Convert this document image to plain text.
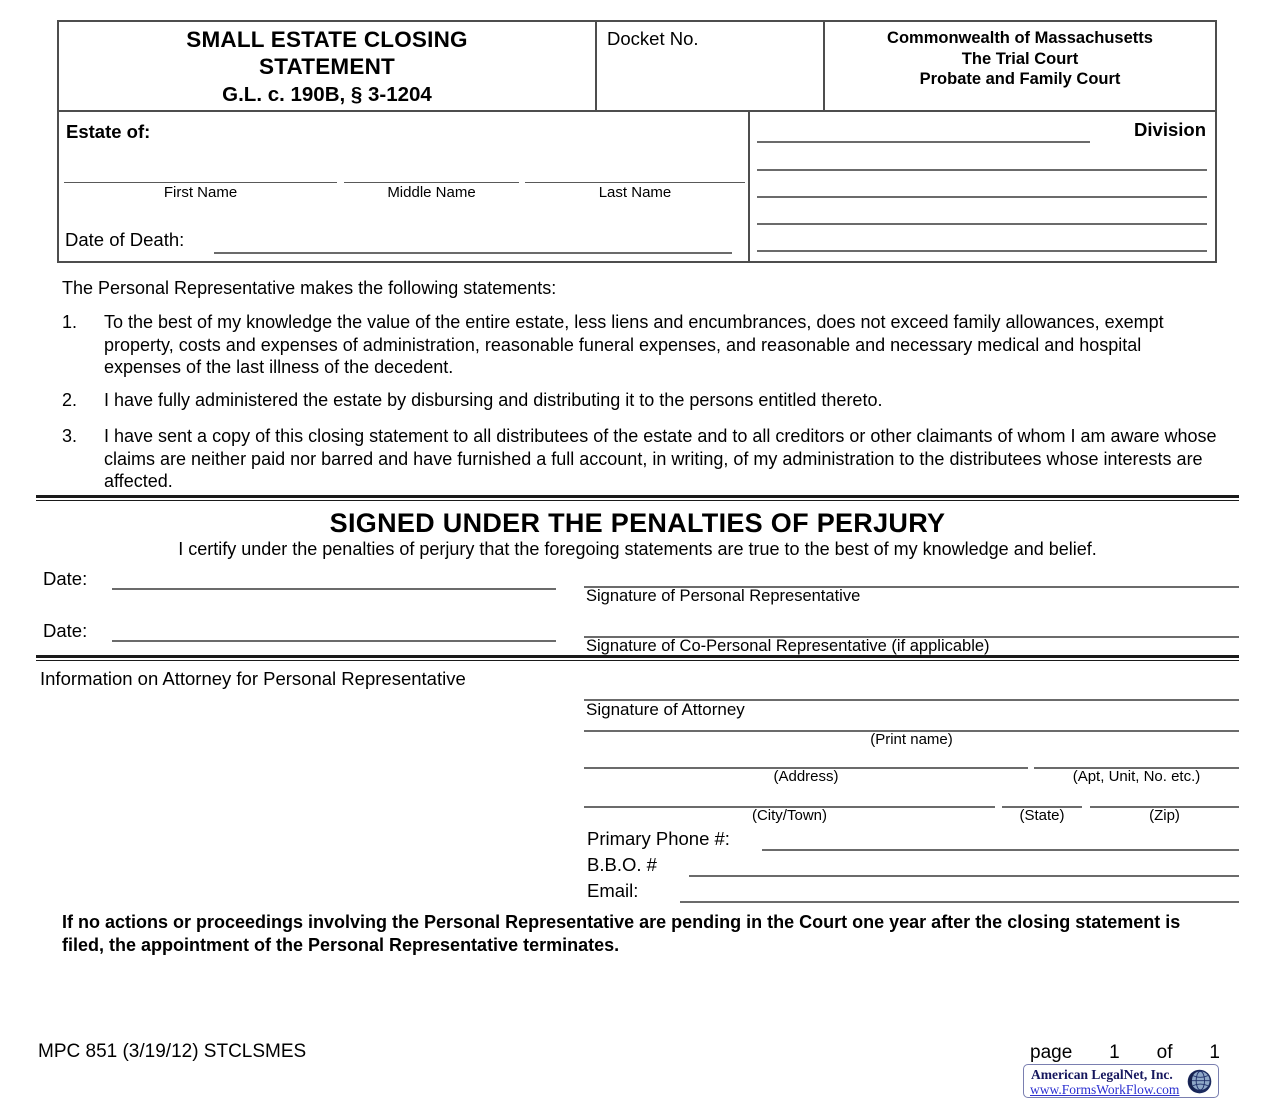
SMALL ESTATE CLOSING
STATEMENT
G.L. c. 190B, § 3-1204
Docket No.	Commonwealth of Massachusetts
The Trial Court
Probate and Family Court
Estate of:
First Name	Middle Name	Last Name
Date of Death:
Division
The Personal Representative makes the following statements:
1.	To the best of my knowledge the value of the entire estate, less liens and encumbrances, does not exceed family allowances, exempt property, costs and expenses of administration, reasonable funeral expenses, and reasonable and necessary medical and hospital expenses of the last illness of the decedent.
2.	I have fully administered the estate by disbursing and distributing it to the persons entitled thereto.
3.	I have sent a copy of this closing statement to all distributees of the estate and to all creditors or other claimants of whom I am aware whose claims are neither paid nor barred and have furnished a full account, in writing, of my administration to the distributees whose interests are affected.
SIGNED UNDER THE PENALTIES OF PERJURY
I certify under the penalties of perjury that the foregoing statements are true to the best of my knowledge and belief.
Date:
Date:
Signature of Personal Representative
Signature of Co-Personal Representative (if applicable)
Information on Attorney for Personal Representative
Signature of Attorney
(Print name)
(Address)	(Apt, Unit, No. etc.)
(City/Town)	(State)	(Zip)
Primary Phone #:
B.B.O. #
Email:
If no actions or proceedings involving the Personal Representative are pending in the Court one year after the closing statement is filed, the appointment of the Personal Representative terminates.
MPC 851 (3/19/12) STCLSMES	page 1 of 1
American LegalNet, Inc.
www.FormsWorkFlow.com
